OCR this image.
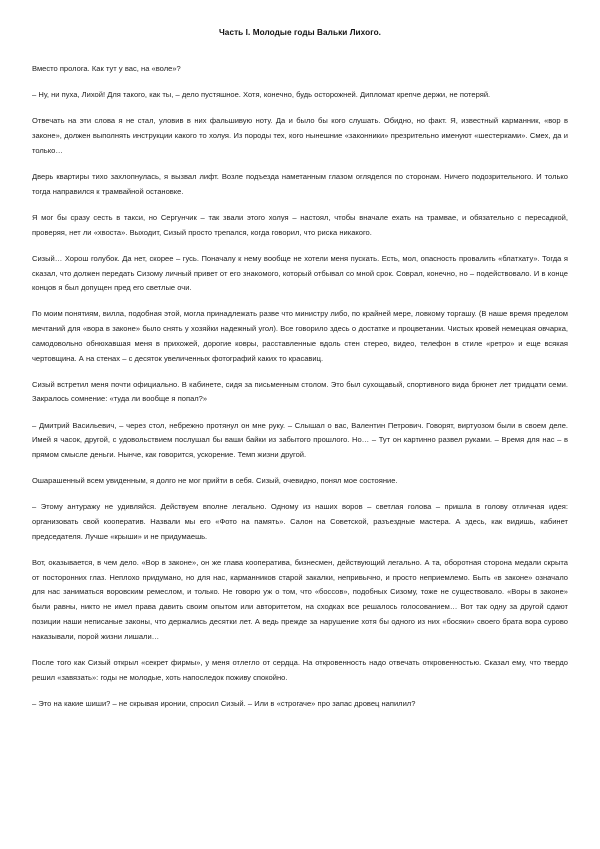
Часть I. Молодые годы Вальки Лихого.

Вместо пролога. Как тут у вас, на «воле»?

– Ну, ни пуха, Лихой! Для такого, как ты, – дело пустяшное. Хотя, конечно, будь осторожней. Дипломат крепче держи, не потеряй.

Отвечать на эти слова я не стал, уловив в них фальшивую ноту. Да и было бы кого слушать. Обидно, но факт. Я, известный карманник, «вор в законе», должен выполнять инструкции какого то холуя. Из породы тех, кого нынешние «законники» презрительно именуют «шестерками». Смех, да и только…

Дверь квартиры тихо захлопнулась, я вызвал лифт. Возле подъезда наметанным глазом огляделся по сторонам. Ничего подозрительного. И только тогда направился к трамвайной остановке.

Я мог бы сразу сесть в такси, но Сергунчик – так звали этого холуя – настоял, чтобы вначале ехать на трамвае, и обязательно с пересадкой, проверяя, нет ли «хвоста». Выходит, Сизый просто трепался, когда говорил, что риска никакого.

Сизый… Хорош голубок. Да нет, скорее – гусь. Поначалу к нему вообще не хотели меня пускать. Есть, мол, опасность провалить «блатхату». Тогда я сказал, что должен передать Сизому личный привет от его знакомого, который отбывал со мной срок. Соврал, конечно, но – подействовало. И в конце концов я был допущен пред его светлые очи.

По моим понятиям, вилла, подобная этой, могла принадлежать разве что министру либо, по крайней мере, ловкому торгашу. (В наше время пределом мечтаний для «вора в законе» было снять у хозяйки надежный угол). Все говорило здесь о достатке и процветании. Чистых кровей немецкая овчарка, самодовольно обнюхавшая меня в прихожей, дорогие ковры, расставленные вдоль стен стерео, видео, телефон в стиле «ретро» и еще всякая чертовщина. А на стенах – с десяток увеличенных фотографий каких то красавиц.

Сизый встретил меня почти официально. В кабинете, сидя за письменным столом. Это был сухощавый, спортивного вида брюнет лет тридцати семи. Закралось сомнение: «туда ли вообще я попал?»

– Дмитрий Васильевич, – через стол, небрежно протянул он мне руку. – Слышал о вас, Валентин Петрович. Говорят, виртуозом были в своем деле. Имей я часок, другой, с удовольствием послушал бы ваши байки из забытого прошлого. Но… – Тут он картинно развел руками. – Время для нас – в прямом смысле деньги. Нынче, как говорится, ускорение. Темп жизни другой.

Ошарашенный всем увиденным, я долго не мог прийти в себя. Сизый, очевидно, понял мое состояние.

– Этому антуражу не удивляйся. Действуем вполне легально. Одному из наших воров – светлая голова – пришла в голову отличная идея: организовать свой кооператив. Назвали мы его «Фото на память». Салон на Советской, разъездные мастера. А здесь, как видишь, кабинет председателя. Лучше «крыши» и не придумаешь.

Вот, оказывается, в чем дело. «Вор в законе», он же глава кооператива, бизнесмен, действующий легально. А та, оборотная сторона медали скрыта от посторонних глаз. Неплохо придумано, но для нас, карманников старой закалки, непривычно, и просто неприемлемо. Быть «в законе» означало для нас заниматься воровским ремеслом, и только. Не говорю уж о том, что «боссов», подобных Сизому, тоже не существовало. «Воры в законе» были равны, никто не имел права давить своим опытом или авторитетом, на сходках все решалось голосованием… Вот так одну за другой сдают позиции наши неписаные законы, что держались десятки лет. А ведь прежде за нарушение хотя бы одного из них «босяки» своего брата вора сурово наказывали, порой жизни лишали…

После того как Сизый открыл «секрет фирмы», у меня отлегло от сердца. На откровенность надо отвечать откровенностью. Сказал ему, что твердо решил «завязать»: годы не молодые, хоть напоследок поживу спокойно.

– Это на какие шиши? – не скрывая иронии, спросил Сизый. – Или в «строгаче» про запас дровец напилил?
